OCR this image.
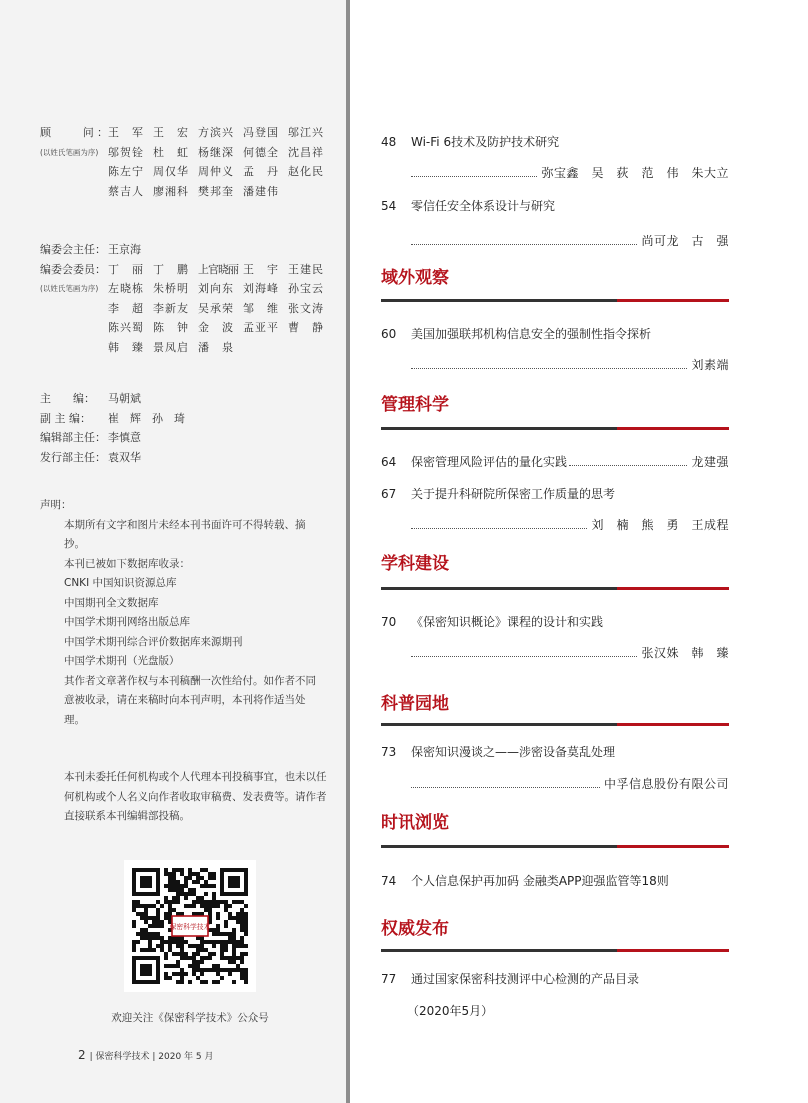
顾　　问： 王　军 王　宏 方滨兴 冯登国 邬江兴
(以姓氏笔画为序) 邬贺铨 杜　虹 杨继深 何德全 沈昌祥
陈左宁 周仅华 周仲义 孟　丹 赵化民
蔡吉人 廖湘科 樊邦奎 潘建伟
编委会主任： 王京海
编委会委员： 丁　丽 丁　鹏 上官晓丽 王　宇 王建民
(以姓氏笔画为序) 左晓栋 朱桥明 刘向东 刘海峰 孙宝云
李　超 李新友 吴承荣 邹　维 张文涛
陈兴蜀 陈　钟 金　波 孟亚平 曹　静
韩　臻 景凤启 潘　泉
主　　编：	马朝斌
副 主 编：	崔　辉　孙　琦
编辑部主任： 李慎意
发行部主任： 袁双华

声明：

本期所有文字和图片未经本刊书面许可不得转载、摘抄。

本刊已被如下数据库收录：

CNKI 中国知识资源总库

中国期刊全文数据库

中国学术期刊网络出版总库

中国学术期刊综合评价数据库来源期刊

中国学术期刊（光盘版）

其作者文章著作权与本刊稿酬一次性给付。如作者不同意被收录，请在来稿时向本刊声明，本刊将作适当处理。

本刊未委托任何机构或个人代理本刊投稿事宜，也未以任何机构或个人名义向作者收取审稿费、发表费等。请作者直接联系本刊编辑部投稿。

保密科学技术
欢迎关注《保密科学技术》公众号
2 | 保密科学技术 | 2020 年 5 月
48 Wi-Fi 6技术及防护技术研究
弥宝鑫　吴　荻　范　伟　朱大立
54 零信任安全体系设计与研究
尚可龙　古　强
域外观察
60 美国加强联邦机构信息安全的强制性指令探析
刘素端
管理科学
64	保密管理风险评估的量化实践	龙建强
67 关于提升科研院所保密工作质量的思考
刘　楠　熊　勇　王成程
学科建设
70 《保密知识概论》课程的设计和实践
张汉姝　韩　臻
科普园地
73 保密知识漫谈之——涉密设备莫乱处理
中孚信息股份有限公司
时讯浏览
74 个人信息保护再加码 金融类APP迎强监管等18则
权威发布
77 通过国家保密科技测评中心检测的产品目录
（2020年5月）
